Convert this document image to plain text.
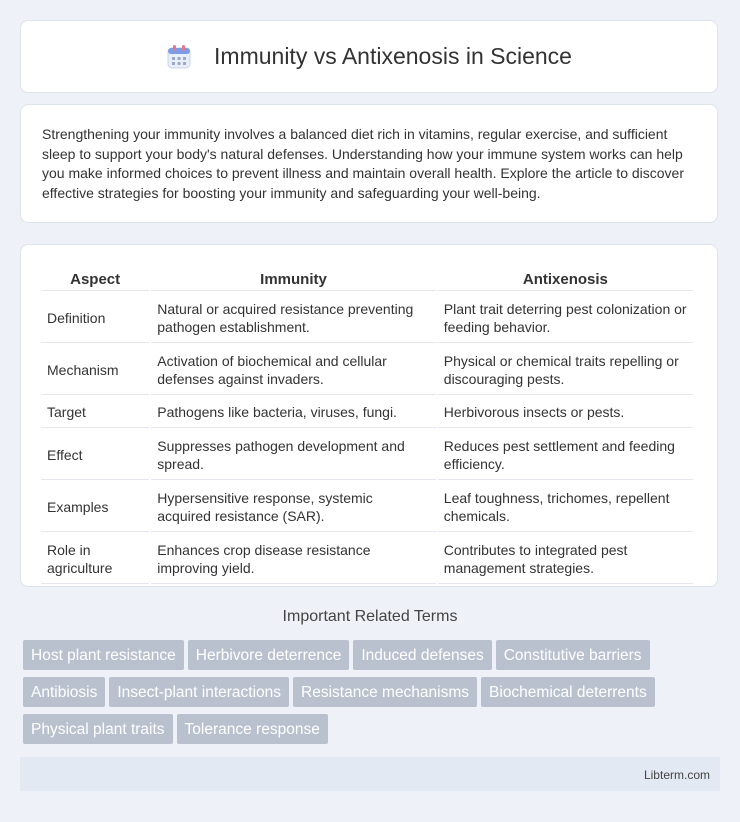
Immunity vs Antixenosis in Science
Strengthening your immunity involves a balanced diet rich in vitamins, regular exercise, and sufficient sleep to support your body's natural defenses. Understanding how your immune system works can help you make informed choices to prevent illness and maintain overall health. Explore the article to discover effective strategies for boosting your immunity and safeguarding your well-being.
Aspect	Immunity	Antixenosis
Definition	Natural or acquired resistance preventing pathogen establishment.	Plant trait deterring pest colonization or feeding behavior.
Mechanism	Activation of biochemical and cellular defenses against invaders.	Physical or chemical traits repelling or discouraging pests.
Target	Pathogens like bacteria, viruses, fungi.	Herbivorous insects or pests.
Effect	Suppresses pathogen development and spread.	Reduces pest settlement and feeding efficiency.
Examples	Hypersensitive response, systemic acquired resistance (SAR).	Leaf toughness, trichomes, repellent chemicals.
Role in agriculture	Enhances crop disease resistance improving yield.	Contributes to integrated pest management strategies.
Important Related Terms
Host plant resistance Herbivore deterrence Induced defenses Constitutive barriers
Antibiosis Insect-plant interactions Resistance mechanisms Biochemical deterrents
Physical plant traits Tolerance response
Libterm.com
